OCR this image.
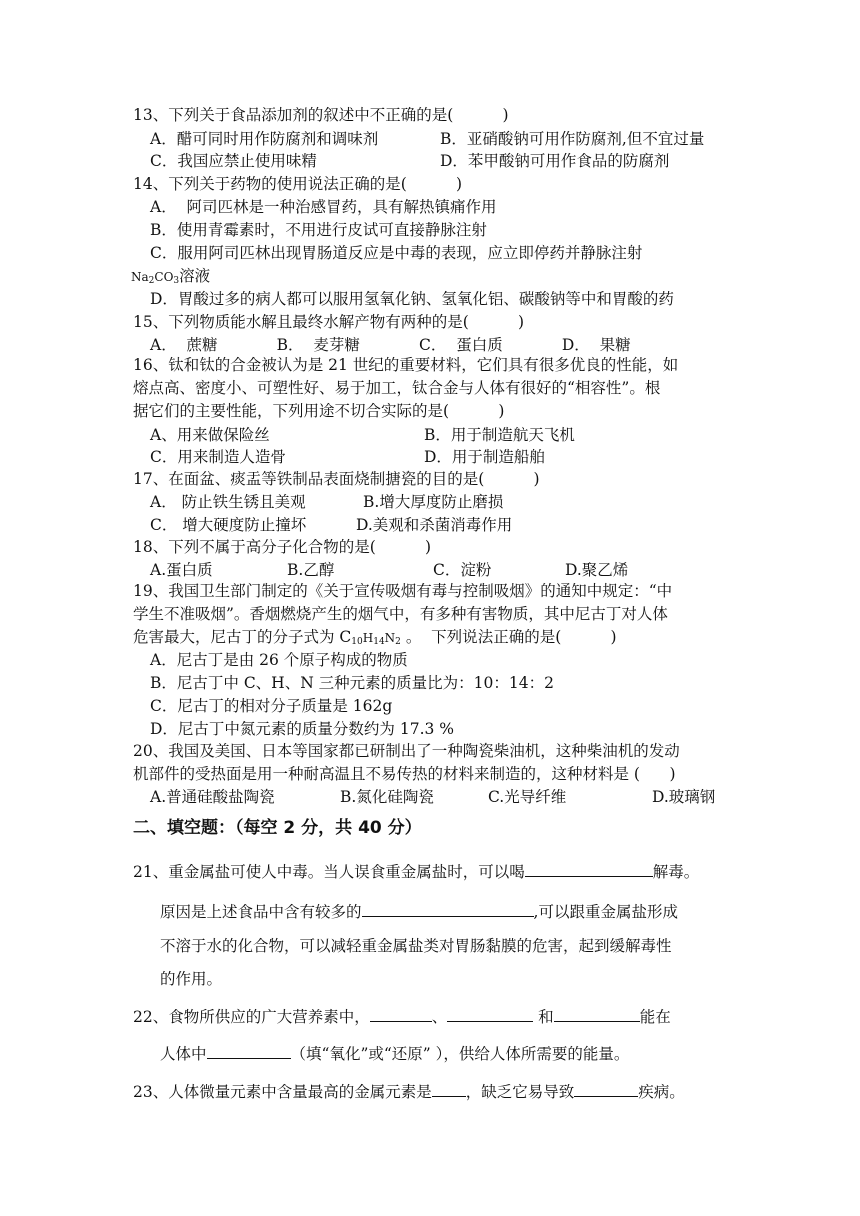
13、下列关于食品添加剂的叙述中不正确的是(          )
A．醋可同时用作防腐剂和调味剂	B．亚硝酸钠可用作防腐剂,但不宜过量
C．我国应禁止使用味精	D．苯甲酸钠可用作食品的防腐剂
14、下列关于药物的使用说法正确的是(          )
A．  阿司匹林是一种治感冒药，具有解热镇痛作用
B．使用青霉素时，不用进行皮试可直接静脉注射
C．服用阿司匹林出现胃肠道反应是中毒的表现，应立即停药并静脉注射
$Na_2CO_3$溶液
D．胃酸过多的病人都可以服用氢氧化钠、氢氧化铝、碳酸钠等中和胃酸的药
15、下列物质能水解且最终水解产物有两种的是(          )
A．  蔗糖            B．  麦芽糖            C．  蛋白质            D．  果糖
16、钛和钛的合金被认为是 21 世纪的重要材料，它们具有很多优良的性能，如
熔点高、密度小、可塑性好、易于加工，钛合金与人体有很好的“相容性”。根
据它们的主要性能，下列用途不切合实际的是(          )
A、用来做保险丝	B．用于制造航天飞机
C．用来制造人造骨	D．用于制造船舶
17、在面盆、痰盂等铁制品表面烧制搪瓷的目的是(          )
A． 防止铁生锈且美观	B.增大厚度防止磨损
C． 增大硬度防止撞坏	D.美观和杀菌消毒作用
18、下列不属于高分子化合物的是(          )
A.蛋白质	B.乙醇	C．淀粉	D.聚乙烯
19、我国卫生部门制定的《关于宣传吸烟有毒与控制吸烟》的通知中规定：“中
学生不准吸烟”。香烟燃烧产生的烟气中，有多种有害物质，其中尼古丁对人体
危害最大，尼古丁的分子式为 $C_{10}H_{14}N_2$ 。  下列说法正确的是(          )
A．尼古丁是由 26 个原子构成的物质
B．尼古丁中 C、H、N 三种元素的质量比为：10：14：2
C．尼古丁的相对分子质量是 162g
D．尼古丁中氮元素的质量分数约为 17.3 %
20、我国及美国、日本等国家都已研制出了一种陶瓷柴油机，这种柴油机的发动
机部件的受热面是用一种耐高温且不易传热的材料来制造的，这种材料是 (      )
A.普通硅酸盐陶瓷	B.氮化硅陶瓷	C.光导纤维	D.玻璃钢
二、填空题：（每空 2 分，共 40 分）
21、重金属盐可使人中毒。当人误食重金属盐时，可以喝	解毒。
原因是上述食品中含有较多的	,可以跟重金属盐形成
不溶于水的化合物，可以减轻重金属盐类对胃肠黏膜的危害，起到缓解毒性
的作用。
22、食物所供应的广大营养素中，	、	和	能在
人体中	（填“氧化”或“还原” ），供给人体所需要的能量。
23、人体微量元素中含量最高的金属元素是 ，缺乏它易导致	疾病。
